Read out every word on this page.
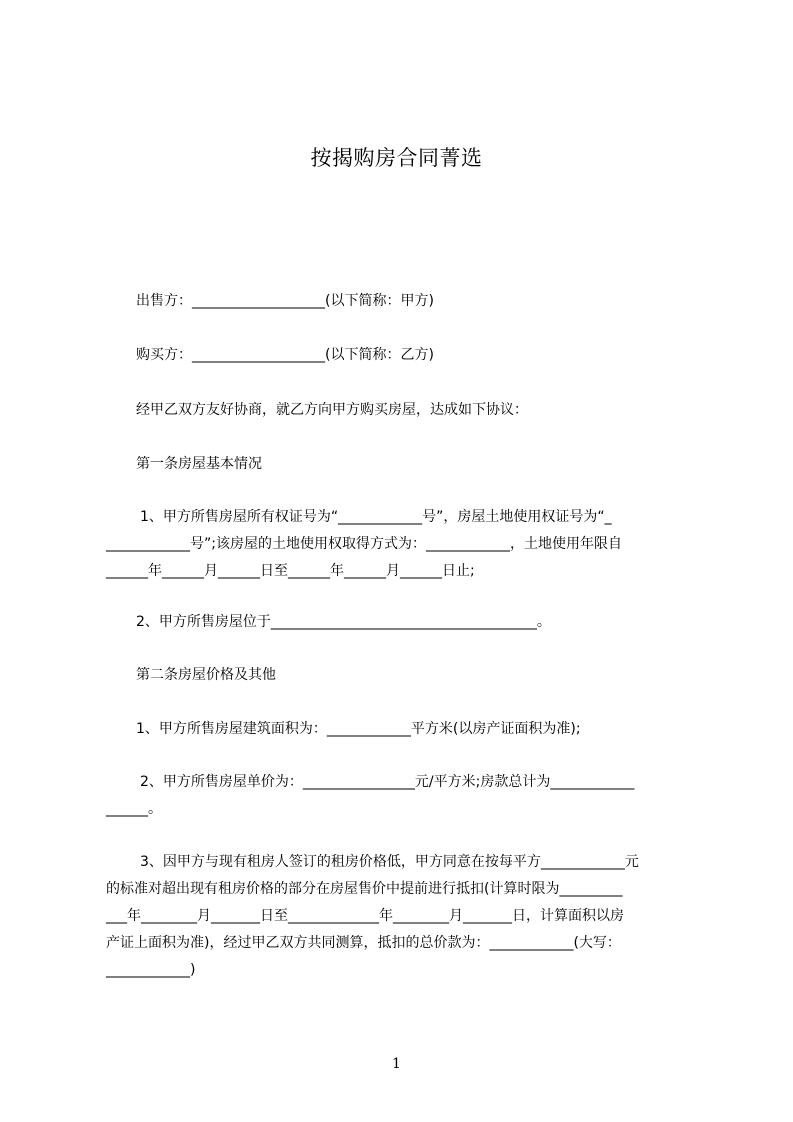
按揭购房合同菁选
出售方：___________________(以下简称：甲方)
购买方：___________________(以下简称：乙方)
经甲乙双方友好协商，就乙方向甲方购买房屋，达成如下协议：
第一条房屋基本情况
1、甲方所售房屋所有权证号为“____________号”，房屋土地使用权证号为“_
____________号”;该房屋的土地使用权取得方式为：____________，土地使用年限自
______年______月______日至______年______月______日止;
2、甲方所售房屋位于______________________________________。
第二条房屋价格及其他
1、甲方所售房屋建筑面积为：____________平方米(以房产证面积为准);
2、甲方所售房屋单价为：________________元/平方米;房款总计为____________
______。
3、因甲方与现有租房人签订的租房价格低，甲方同意在按每平方____________元
的标准对超出现有租房价格的部分在房屋售价中提前进行抵扣(计算时限为_________
___年________月_______日至_____________年________月_______日，计算面积以房
产证上面积为准)，经过甲乙双方共同测算，抵扣的总价款为：____________(大写：
____________)
1
